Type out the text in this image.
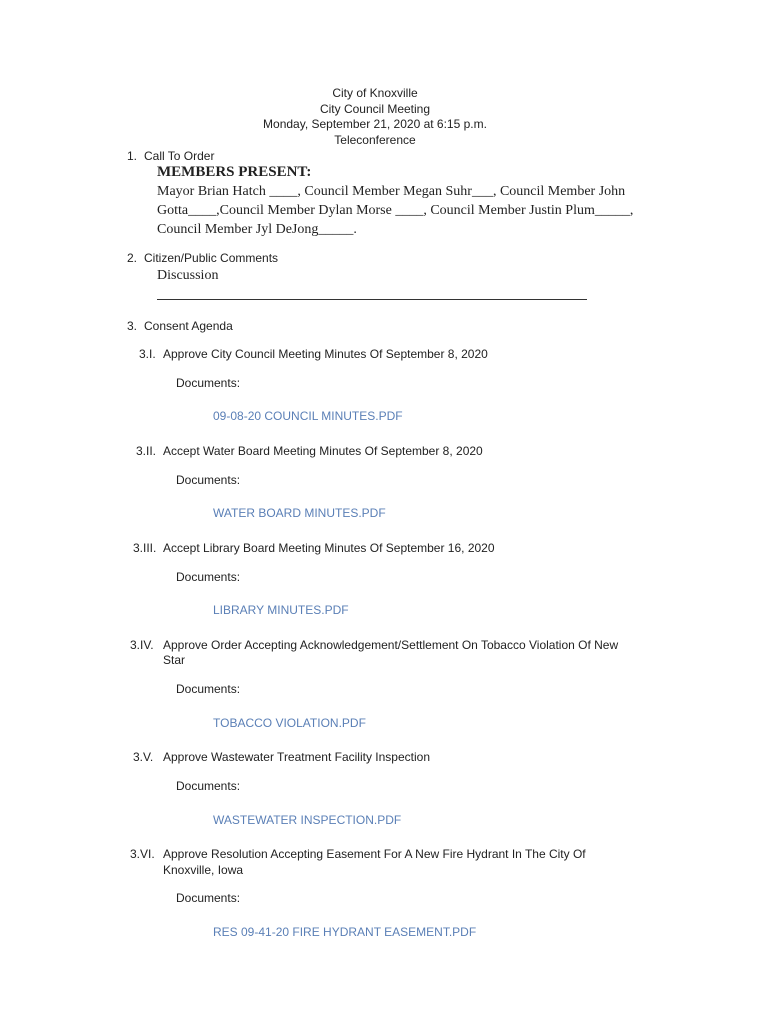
City of Knoxville
City Council Meeting
Monday, September 21, 2020 at 6:15 p.m.
Teleconference
1. Call To Order
MEMBERS PRESENT:
Mayor Brian Hatch ____, Council Member Megan Suhr___, Council Member John
Gotta____,Council Member Dylan Morse ____, Council Member Justin Plum_____,
Council Member Jyl DeJong_____.
2. Citizen/Public Comments
Discussion
3. Consent Agenda
3.I. Approve City Council Meeting Minutes Of September 8, 2020
Documents:
09-08-20 COUNCIL MINUTES.PDF
3.II. Accept Water Board Meeting Minutes Of September 8, 2020
Documents:
WATER BOARD MINUTES.PDF
3.III. Accept Library Board Meeting Minutes Of September 16, 2020
Documents:
LIBRARY MINUTES.PDF
3.IV. Approve Order Accepting Acknowledgement/Settlement On Tobacco Violation Of New
Star
Documents:
TOBACCO VIOLATION.PDF
3.V. Approve Wastewater Treatment Facility Inspection
Documents:
WASTEWATER INSPECTION.PDF
3.VI. Approve Resolution Accepting Easement For A New Fire Hydrant In The City Of
Knoxville, Iowa
Documents:
RES 09-41-20 FIRE HYDRANT EASEMENT.PDF
